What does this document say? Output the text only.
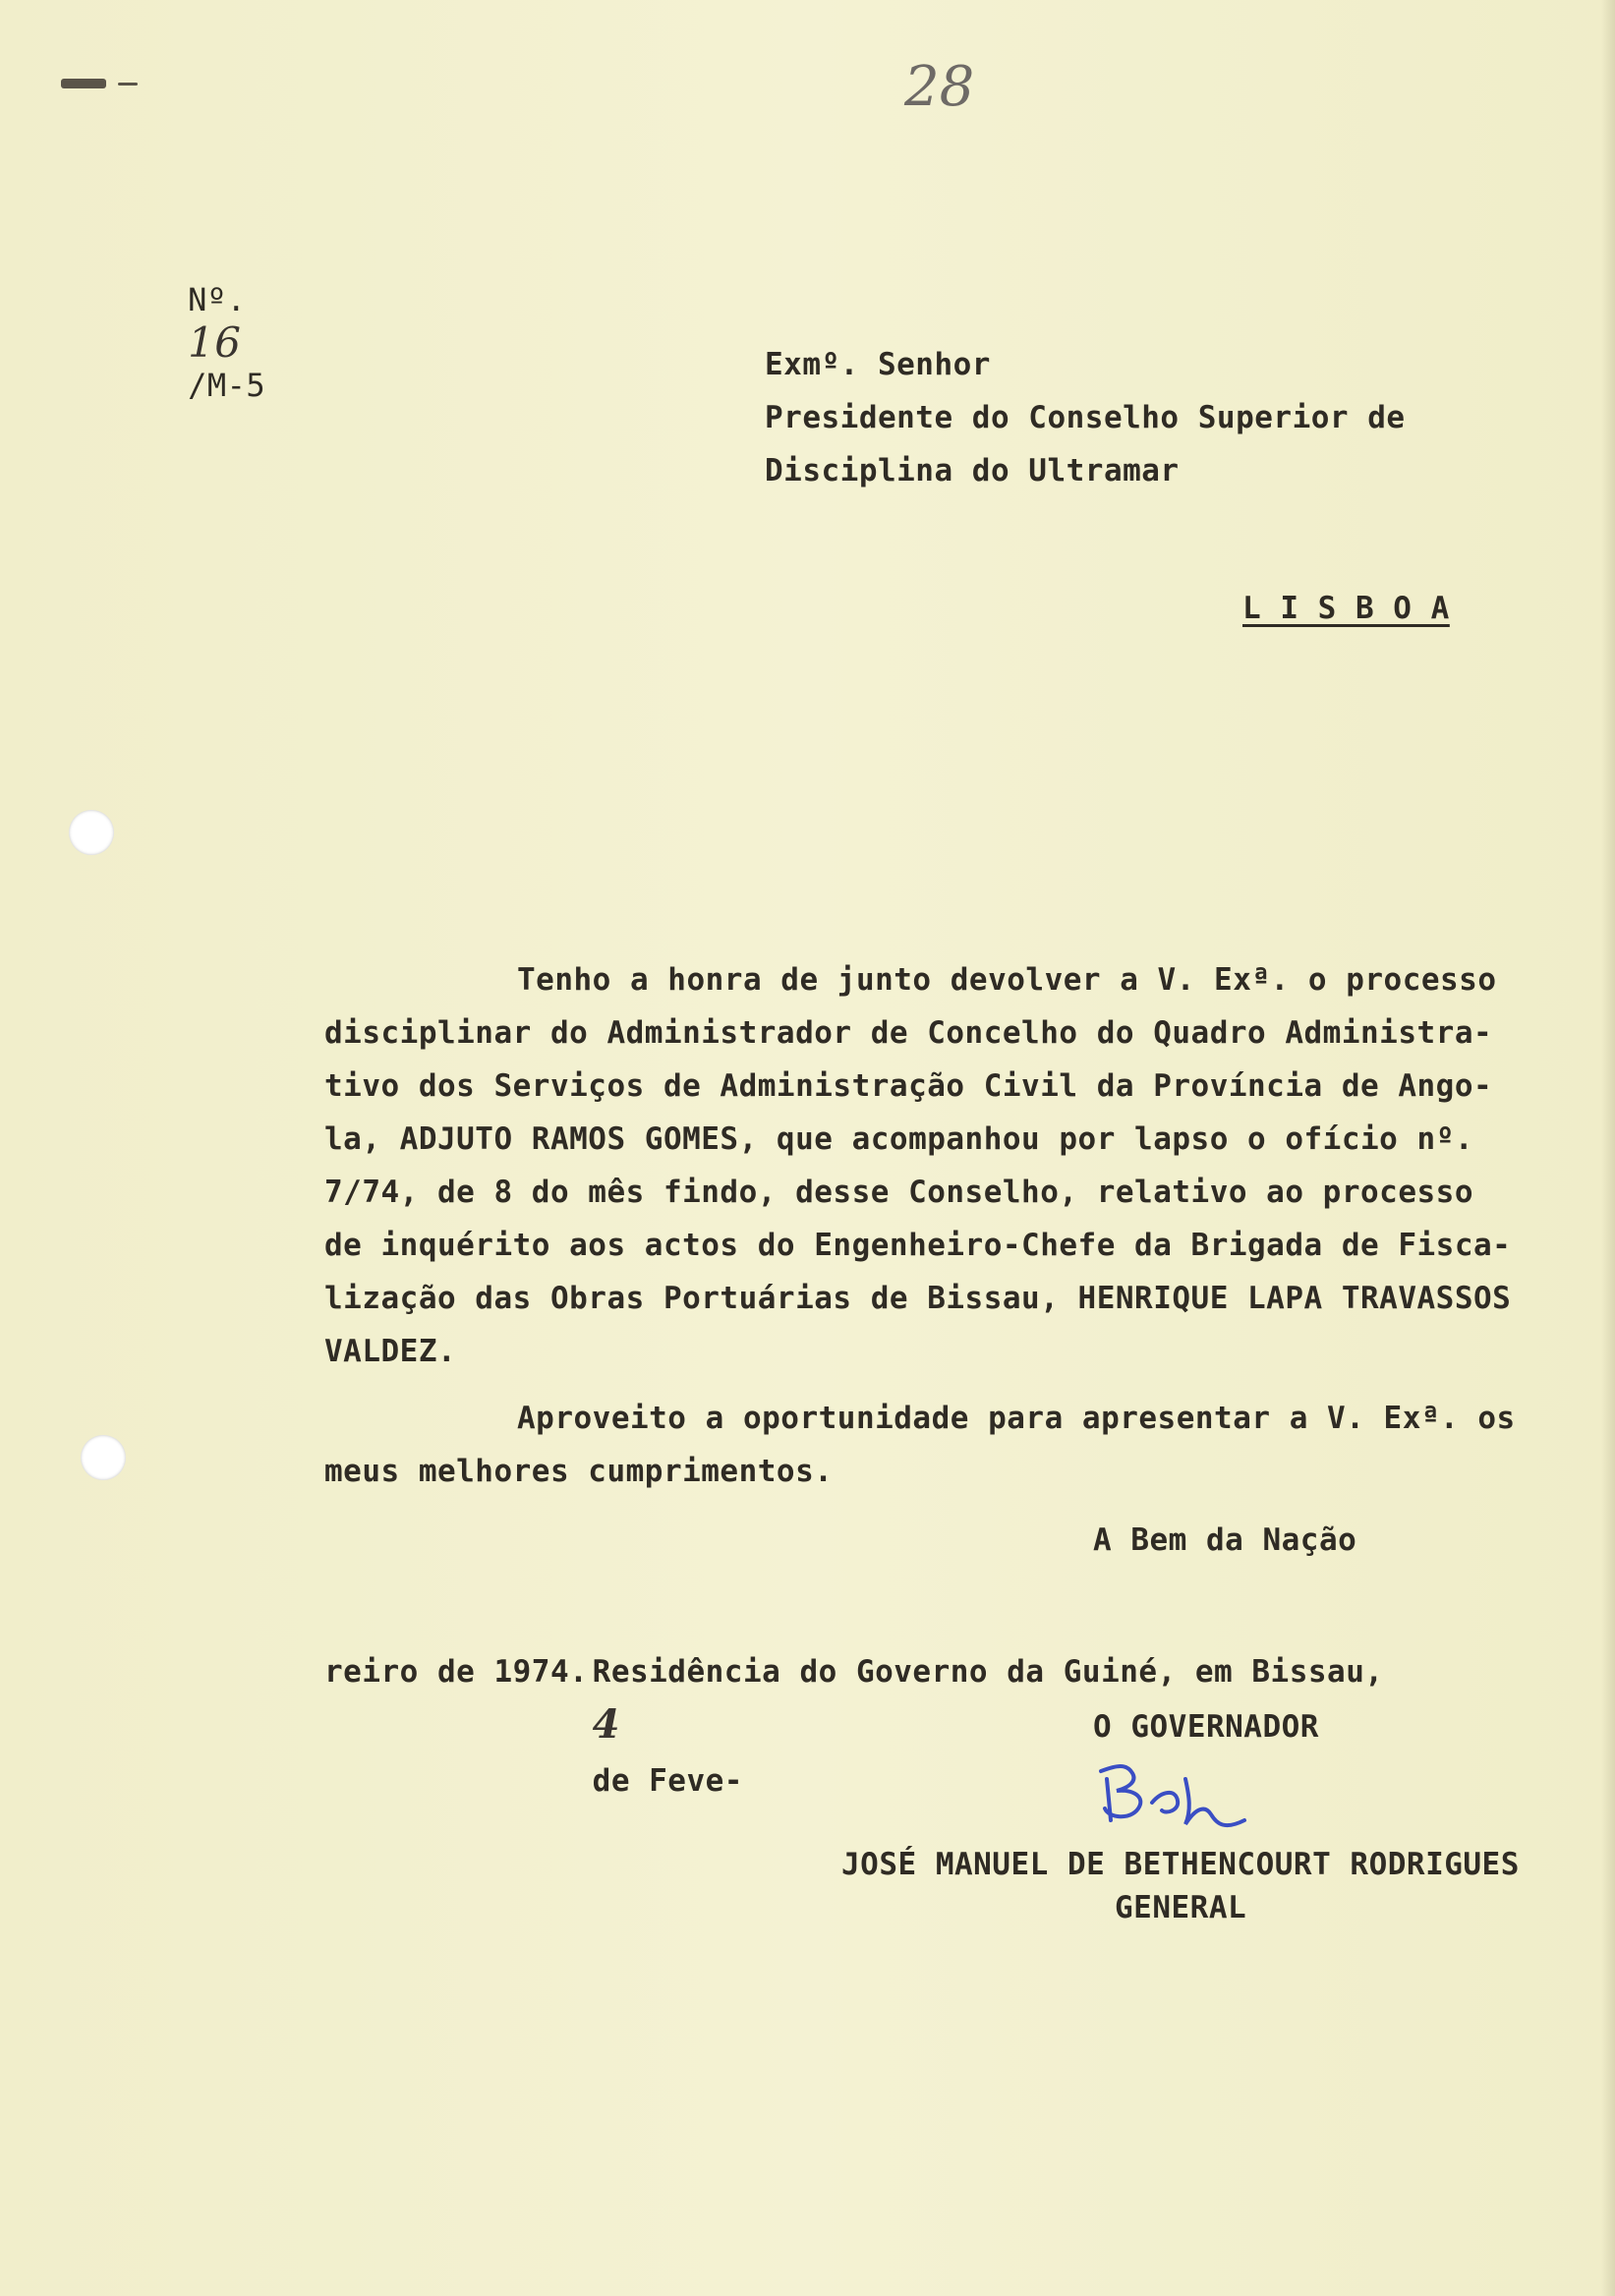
28

Nº.
16
/M-5

Exmº. Senhor
Presidente do Conselho Superior de
Disciplina do Ultramar
L I S B O A
Tenho a honra de junto devolver a V. Exª. o processo
disciplinar do Administrador de Concelho do Quadro Administra-
tivo dos Serviços de Administração Civil da Província de Ango-
la, ADJUTO RAMOS GOMES, que acompanhou por lapso o ofício nº.
7/74, de 8 do mês findo, desse Conselho, relativo ao processo
de inquérito aos actos do Engenheiro-Chefe da Brigada de Fisca-
lização das Obras Portuárias de Bissau, HENRIQUE LAPA TRAVASSOS
VALDEZ.
Aproveito a oportunidade para apresentar a V. Exª. os
meus melhores cumprimentos.
A Bem da Nação

Residência do Governo da Guiné, em Bissau,
4
de Feve-

reiro de 1974.
O GOVERNADOR
JOSÉ MANUEL DE BETHENCOURT RODRIGUES
GENERAL
